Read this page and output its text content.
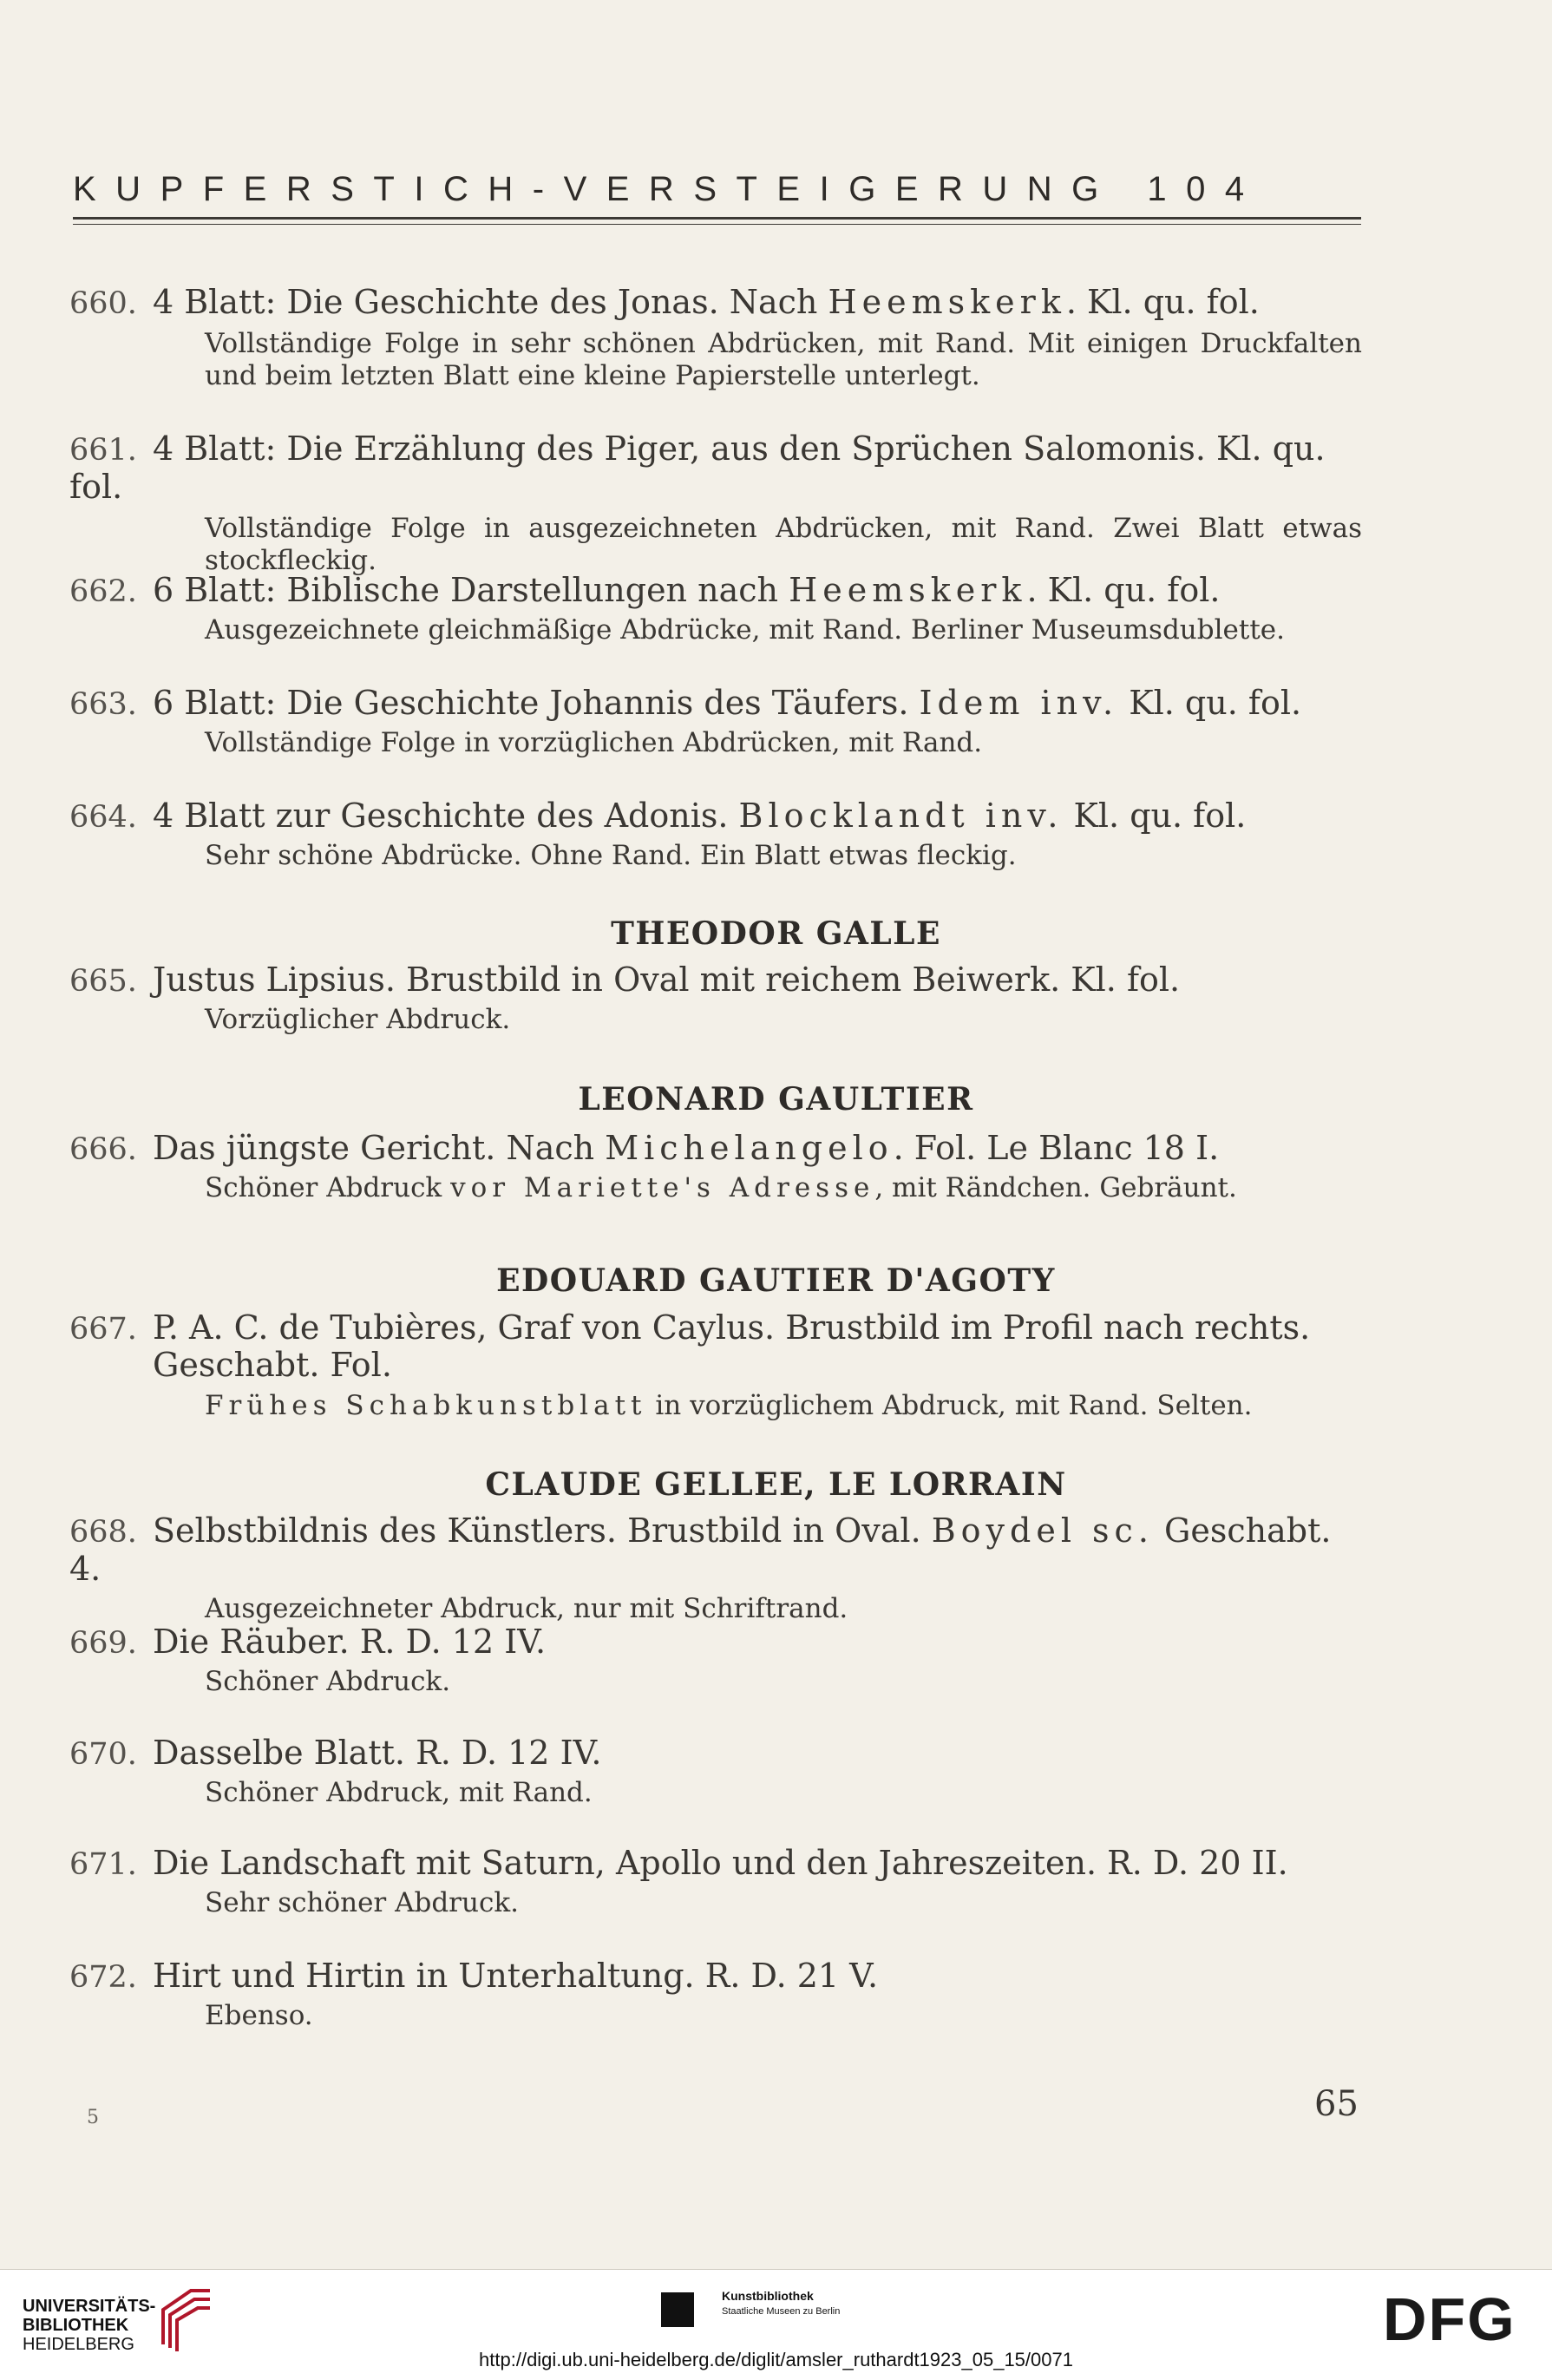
KUPFERSTICH-VERSTEIGERUNG 104
660. 4 Blatt: Die Geschichte des Jonas. Nach Heemskerk. Kl. qu. fol.
Vollständige Folge in sehr schönen Abdrücken, mit Rand. Mit einigen Druckfalten und beim letzten Blatt eine kleine Papierstelle unterlegt.
661. 4 Blatt: Die Erzählung des Piger, aus den Sprüchen Salomonis. Kl. qu. fol.
Vollständige Folge in ausgezeichneten Abdrücken, mit Rand. Zwei Blatt etwas stockfleckig.
662. 6 Blatt: Biblische Darstellungen nach Heemskerk. Kl. qu. fol.
Ausgezeichnete gleichmäßige Abdrücke, mit Rand. Berliner Museumsdublette.
663. 6 Blatt: Die Geschichte Johannis des Täufers. Idem inv. Kl. qu. fol.
Vollständige Folge in vorzüglichen Abdrücken, mit Rand.
664. 4 Blatt zur Geschichte des Adonis. Blocklandt inv. Kl. qu. fol.
Sehr schöne Abdrücke. Ohne Rand. Ein Blatt etwas fleckig.
THEODOR GALLE
665. Justus Lipsius. Brustbild in Oval mit reichem Beiwerk. Kl. fol.
Vorzüglicher Abdruck.
LEONARD GAULTIER
666. Das jüngste Gericht. Nach Michelangelo. Fol. Le Blanc 18 I.
Schöner Abdruck vor Mariette's Adresse, mit Rändchen. Gebräunt.
EDOUARD GAUTIER D'AGOTY
667. P. A. C. de Tubières, Graf von Caylus. Brustbild im Profil nach rechts.
Geschabt. Fol.
Frühes Schabkunstblatt in vorzüglichem Abdruck, mit Rand. Selten.
CLAUDE GELLEE, LE LORRAIN
668. Selbstbildnis des Künstlers. Brustbild in Oval. Boydel sc. Geschabt. 4.
Ausgezeichneter Abdruck, nur mit Schriftrand.
669. Die Räuber. R. D. 12 IV.
Schöner Abdruck.
670. Dasselbe Blatt. R. D. 12 IV.
Schöner Abdruck, mit Rand.
671. Die Landschaft mit Saturn, Apollo und den Jahreszeiten. R. D. 20 II.
Sehr schöner Abdruck.
672. Hirt und Hirtin in Unterhaltung. R. D. 21 V.
Ebenso.
5	65
UNIVERSITÄTS-
BIBLIOTHEK
HEIDELBERG
Kunstbibliothek
Staatliche Museen zu Berlin	DFG
http://digi.ub.uni-heidelberg.de/diglit/amsler_ruthardt1923_05_15/0071
